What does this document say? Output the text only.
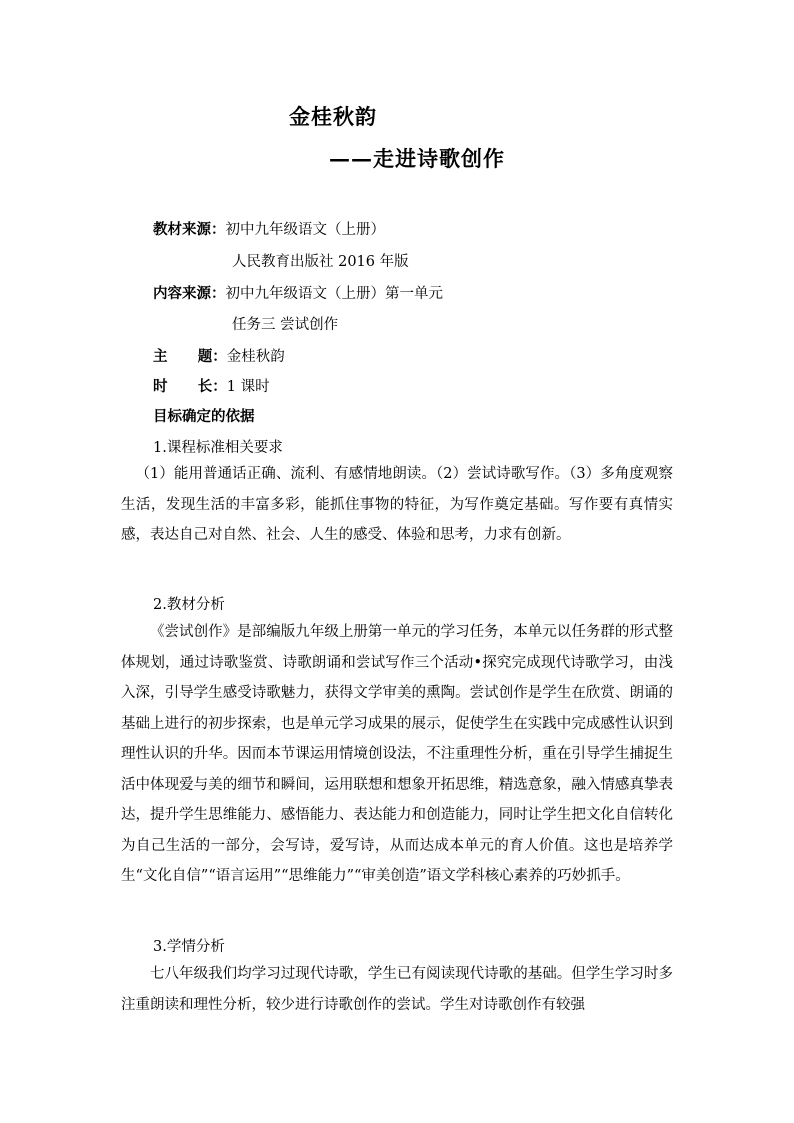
金桂秋韵
——走进诗歌创作
教材来源：初中九年级语文（上册）
人民教育出版社 2016 年版
内容来源：初中九年级语文（上册）第一单元
任务三 尝试创作
主      题：金桂秋韵
时      长：1 课时
目标确定的依据
1.课程标准相关要求

（1）能用普通话正确、流利、有感情地朗读。（2）尝试诗歌写作。（3）多角度观察生活，发现生活的丰富多彩，能抓住事物的特征，为写作奠定基础。写作要有真情实感，表达自己对自然、社会、人生的感受、体验和思考，力求有创新。

2.教材分析

《尝试创作》是部编版九年级上册第一单元的学习任务，本单元以任务群的形式整体规划，通过诗歌鉴赏、诗歌朗诵和尝试写作三个活动•探究完成现代诗歌学习，由浅入深，引导学生感受诗歌魅力，获得文学审美的熏陶。尝试创作是学生在欣赏、朗诵的基础上进行的初步探索，也是单元学习成果的展示，促使学生在实践中完成感性认识到理性认识的升华。因而本节课运用情境创设法，不注重理性分析，重在引导学生捕捉生活中体现爱与美的细节和瞬间，运用联想和想象开拓思维，精选意象，融入情感真挚表达，提升学生思维能力、感悟能力、表达能力和创造能力，同时让学生把文化自信转化为自己生活的一部分，会写诗，爱写诗，从而达成本单元的育人价值。这也是培养学生“文化自信”“语言运用”“思维能力”“审美创造”语文学科核心素养的巧妙抓手。

3.学情分析

七八年级我们均学习过现代诗歌，学生已有阅读现代诗歌的基础。但学生学习时多注重朗读和理性分析，较少进行诗歌创作的尝试。学生对诗歌创作有较强
